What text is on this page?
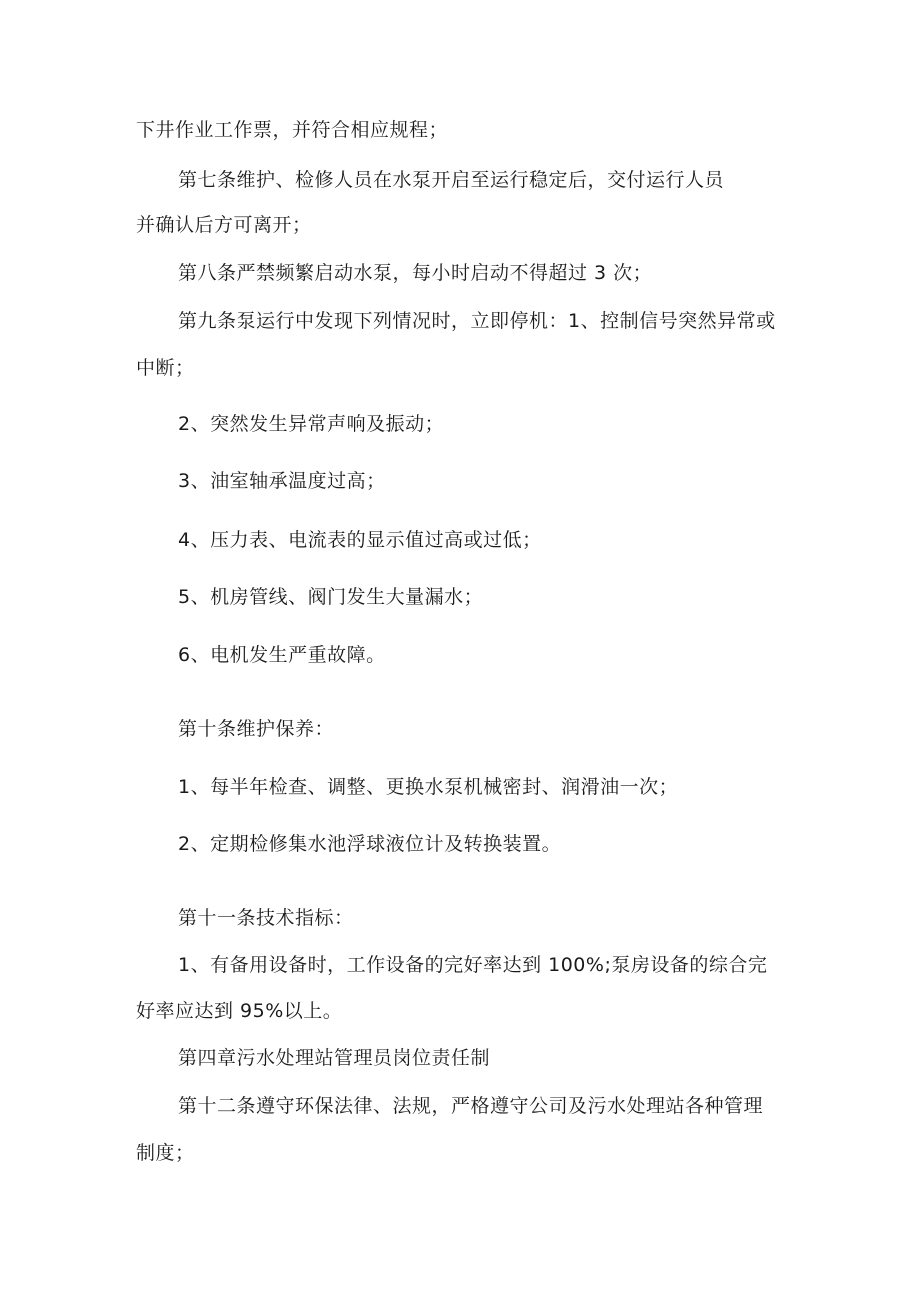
下井作业工作票，并符合相应规程；
第七条维护、检修人员在水泵开启至运行稳定后，交付运行人员
并确认后方可离开；
第八条严禁频繁启动水泵，每小时启动不得超过 3 次；
第九条泵运行中发现下列情况时，立即停机：1、控制信号突然异常或
中断；
2、突然发生异常声响及振动；
3、油室轴承温度过高；
4、压力表、电流表的显示值过高或过低；
5、机房管线、阀门发生大量漏水；
6、电机发生严重故障。
第十条维护保养：
1、每半年检查、调整、更换水泵机械密封、润滑油一次；
2、定期检修集水池浮球液位计及转换装置。
第十一条技术指标：
1、有备用设备时，工作设备的完好率达到 100%;泵房设备的综合完
好率应达到 95%以上。
第四章污水处理站管理员岗位责任制
第十二条遵守环保法律、法规，严格遵守公司及污水处理站各种管理
制度；
